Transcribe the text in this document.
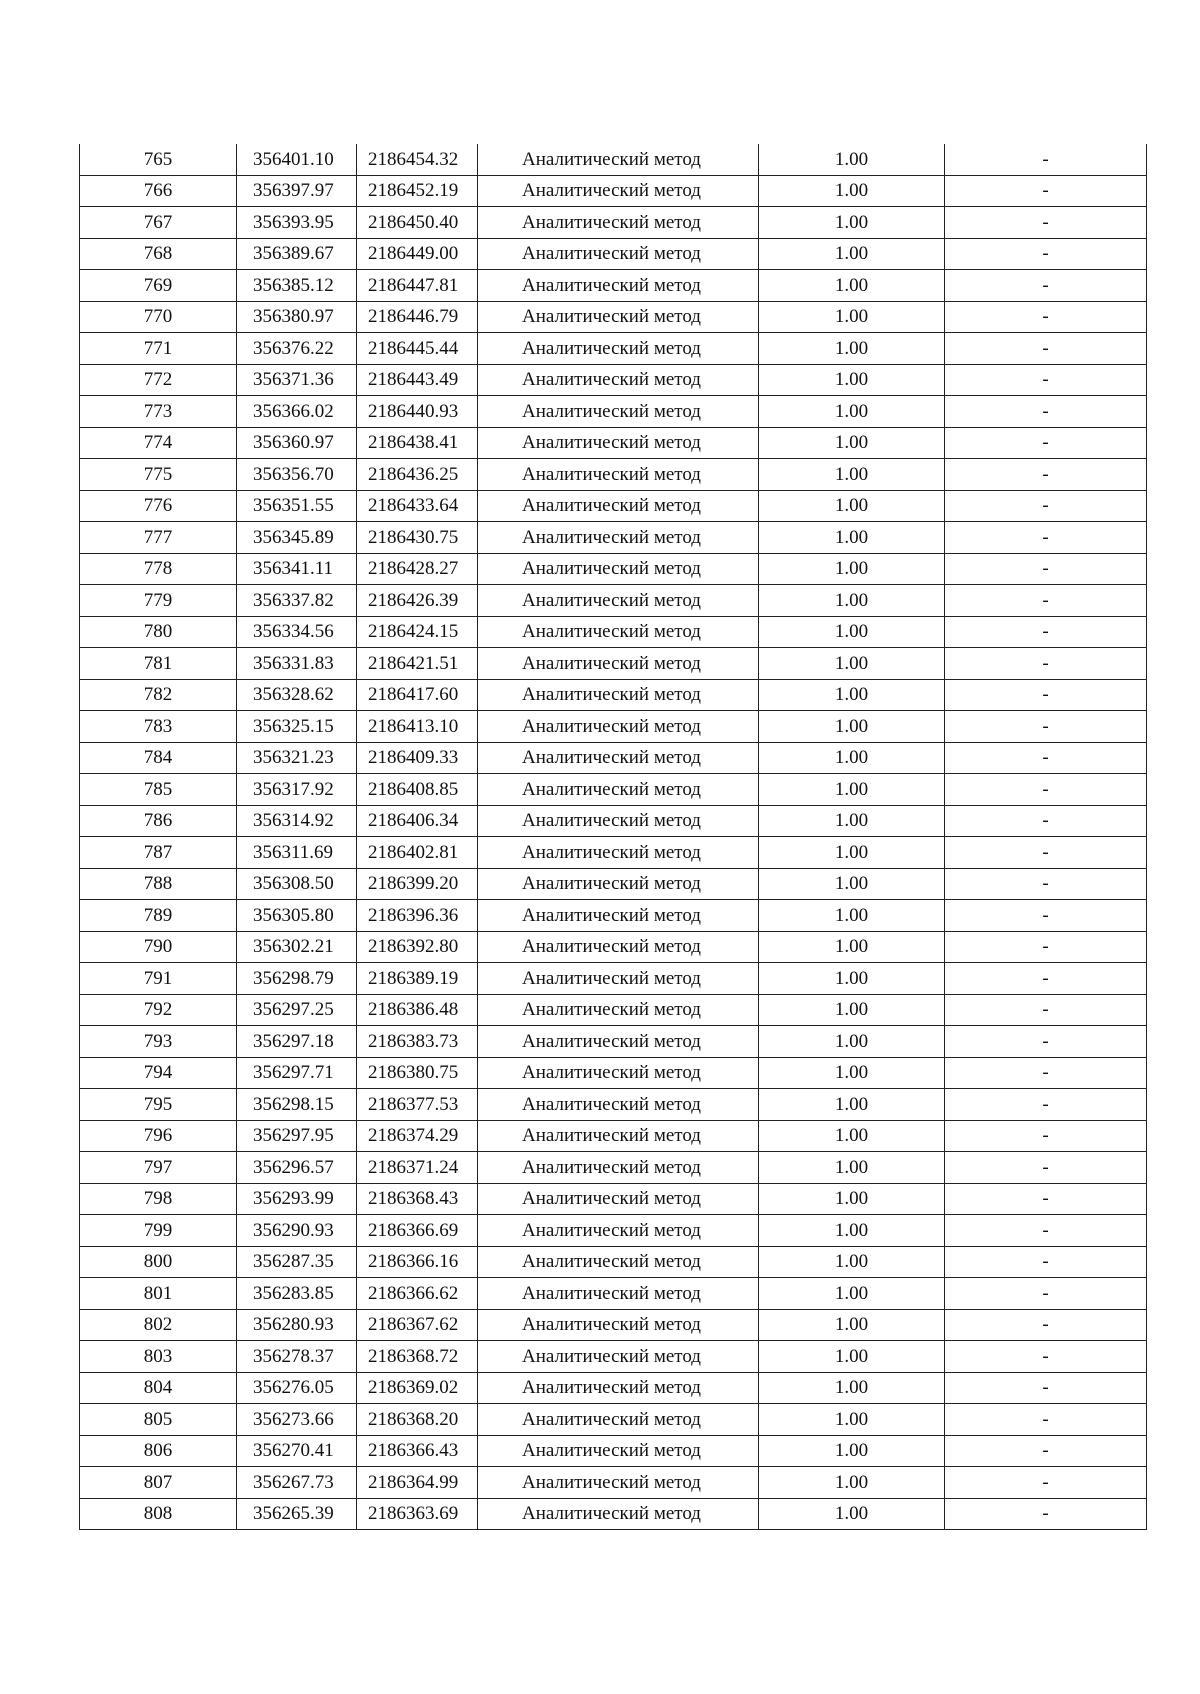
765	356401.10	2186454.32	Аналитический метод	1.00	-
766	356397.97	2186452.19	Аналитический метод	1.00	-
767	356393.95	2186450.40	Аналитический метод	1.00	-
768	356389.67	2186449.00	Аналитический метод	1.00	-
769	356385.12	2186447.81	Аналитический метод	1.00	-
770	356380.97	2186446.79	Аналитический метод	1.00	-
771	356376.22	2186445.44	Аналитический метод	1.00	-
772	356371.36	2186443.49	Аналитический метод	1.00	-
773	356366.02	2186440.93	Аналитический метод	1.00	-
774	356360.97	2186438.41	Аналитический метод	1.00	-
775	356356.70	2186436.25	Аналитический метод	1.00	-
776	356351.55	2186433.64	Аналитический метод	1.00	-
777	356345.89	2186430.75	Аналитический метод	1.00	-
778	356341.11	2186428.27	Аналитический метод	1.00	-
779	356337.82	2186426.39	Аналитический метод	1.00	-
780	356334.56	2186424.15	Аналитический метод	1.00	-
781	356331.83	2186421.51	Аналитический метод	1.00	-
782	356328.62	2186417.60	Аналитический метод	1.00	-
783	356325.15	2186413.10	Аналитический метод	1.00	-
784	356321.23	2186409.33	Аналитический метод	1.00	-
785	356317.92	2186408.85	Аналитический метод	1.00	-
786	356314.92	2186406.34	Аналитический метод	1.00	-
787	356311.69	2186402.81	Аналитический метод	1.00	-
788	356308.50	2186399.20	Аналитический метод	1.00	-
789	356305.80	2186396.36	Аналитический метод	1.00	-
790	356302.21	2186392.80	Аналитический метод	1.00	-
791	356298.79	2186389.19	Аналитический метод	1.00	-
792	356297.25	2186386.48	Аналитический метод	1.00	-
793	356297.18	2186383.73	Аналитический метод	1.00	-
794	356297.71	2186380.75	Аналитический метод	1.00	-
795	356298.15	2186377.53	Аналитический метод	1.00	-
796	356297.95	2186374.29	Аналитический метод	1.00	-
797	356296.57	2186371.24	Аналитический метод	1.00	-
798	356293.99	2186368.43	Аналитический метод	1.00	-
799	356290.93	2186366.69	Аналитический метод	1.00	-
800	356287.35	2186366.16	Аналитический метод	1.00	-
801	356283.85	2186366.62	Аналитический метод	1.00	-
802	356280.93	2186367.62	Аналитический метод	1.00	-
803	356278.37	2186368.72	Аналитический метод	1.00	-
804	356276.05	2186369.02	Аналитический метод	1.00	-
805	356273.66	2186368.20	Аналитический метод	1.00	-
806	356270.41	2186366.43	Аналитический метод	1.00	-
807	356267.73	2186364.99	Аналитический метод	1.00	-
808	356265.39	2186363.69	Аналитический метод	1.00	-
